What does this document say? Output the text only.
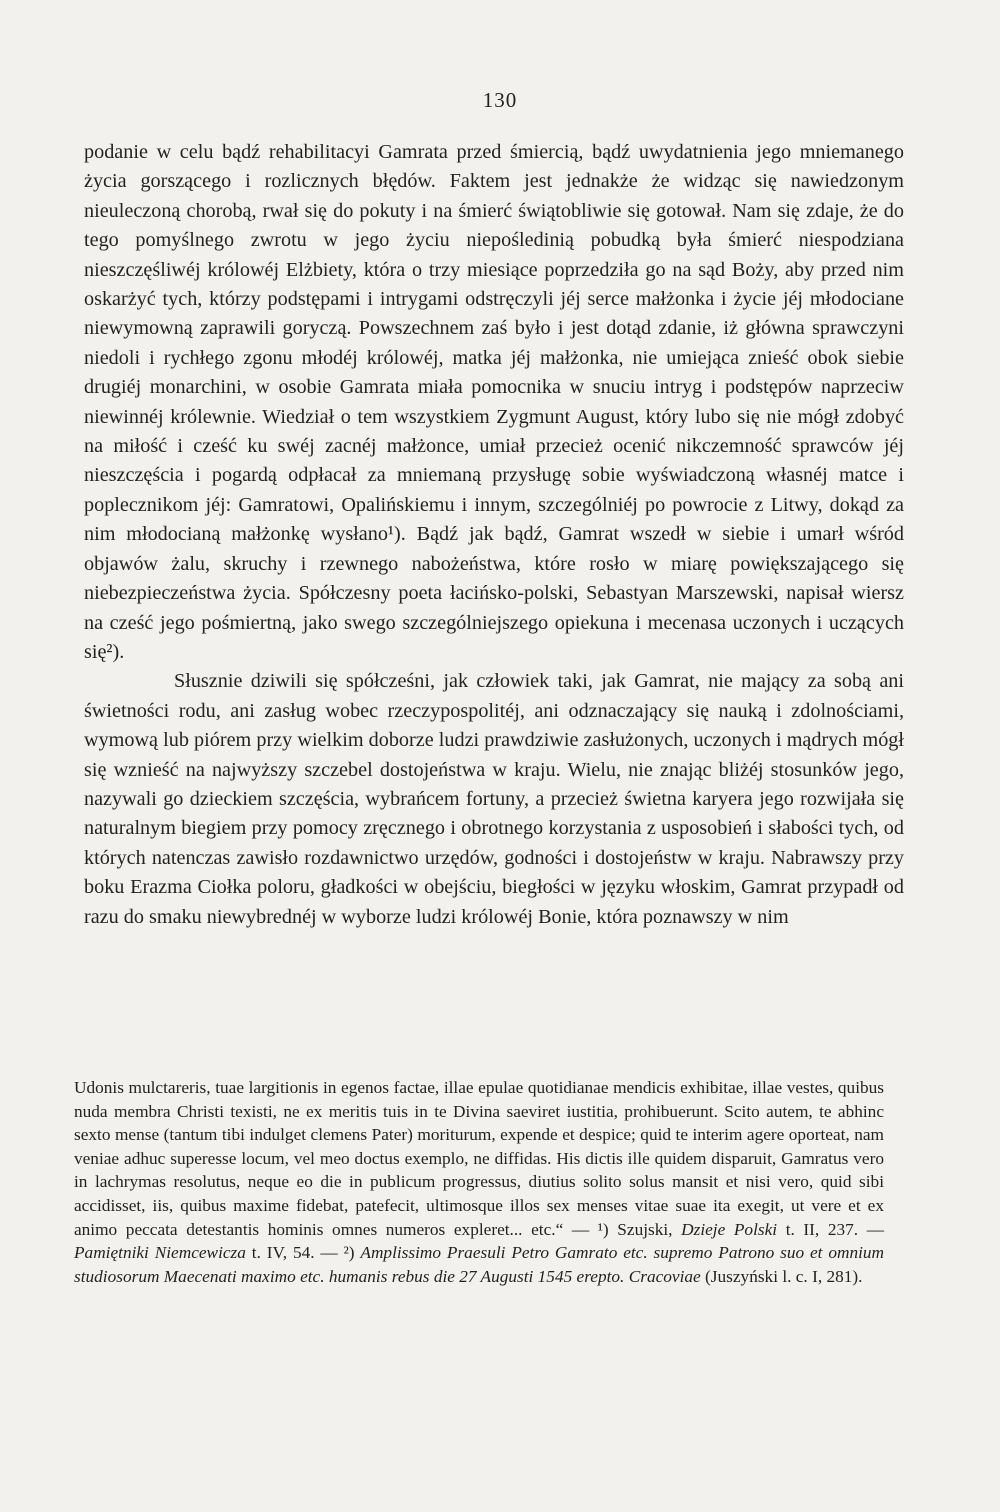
130

podanie w celu bądź rehabilitacyi Gamrata przed śmiercią, bądź uwydatnienia jego mniemanego życia gorszącego i rozlicznych błędów. Faktem jest jednakże że widząc się nawiedzonym nieuleczoną chorobą, rwał się do pokuty i na śmierć świątobliwie się gotował. Nam się zdaje, że do tego pomyślnego zwrotu w jego życiu niepośledinią pobudką była śmierć niespodziana nieszczęśliwéj królowéj Elżbiety, która o trzy miesiące poprzedziła go na sąd Boży, aby przed nim oskarżyć tych, którzy podstępami i intrygami odstręczyli jéj serce małżonka i życie jéj młodociane niewymowną zaprawili goryczą. Powszechnem zaś było i jest dotąd zdanie, iż główna sprawczyni niedoli i rychłego zgonu młodéj królowéj, matka jéj małżonka, nie umiejąca znieść obok siebie drugiéj monarchini, w osobie Gamrata miała pomocnika w snuciu intryg i podstępów naprzeciw niewinnéj królewnie. Wiedział o tem wszystkiem Zygmunt August, który lubo się nie mógł zdobyć na miłość i cześć ku swéj zacnéj małżonce, umiał przecież ocenić nikczemność sprawców jéj nieszczęścia i pogardą odpłacał za mniemaną przysługę sobie wyświadczoną własnéj matce i poplecznikom jéj: Gamratowi, Opalińskiemu i innym, szczególniéj po powrocie z Litwy, dokąd za nim młodocianą małżonkę wysłano¹). Bądź jak bądź, Gamrat wszedł w siebie i umarł wśród objawów żalu, skruchy i rzewnego nabożeństwa, które rosło w miarę powiększającego się niebezpieczeństwa życia. Spółczesny poeta łacińsko-polski, Sebastyan Marszewski, napisał wiersz na cześć jego pośmiertną, jako swego szczególniejszego opiekuna i mecenasa uczonych i uczących się²).

Słusznie dziwili się spółcześni, jak człowiek taki, jak Gamrat, nie mający za sobą ani świetności rodu, ani zasług wobec rzeczypospolitéj, ani odznaczający się nauką i zdolnościami, wymową lub piórem przy wielkim doborze ludzi prawdziwie zasłużonych, uczonych i mądrych mógł się wznieść na najwyższy szczebel dostojeństwa w kraju. Wielu, nie znając bliżéj stosunków jego, nazywali go dzieckiem szczęścia, wybrańcem fortuny, a przecież świetna karyera jego rozwijała się naturalnym biegiem przy pomocy zręcznego i obrotnego korzystania z usposobień i słabości tych, od których natenczas zawisło rozdawnictwo urzędów, godności i dostojeństw w kraju. Nabrawszy przy boku Erazma Ciołka poloru, gładkości w obejściu, biegłości w języku włoskim, Gamrat przypadł od razu do smaku niewybrednéj w wyborze ludzi królowéj Bonie, która poznawszy w nim

Udonis mulctareris, tuae largitionis in egenos factae, illae epulae quotidianae mendicis exhibitae, illae vestes, quibus nuda membra Christi texisti, ne ex meritis tuis in te Divina saeviret iustitia, prohibuerunt. Scito autem, te abhinc sexto mense (tantum tibi indulget clemens Pater) moriturum, expende et despice; quid te interim agere oporteat, nam veniae adhuc superesse locum, vel meo doctus exemplo, ne diffidas. His dictis ille quidem disparuit, Gamratus vero in lachrymas resolutus, neque eo die in publicum progressus, diutius solito solus mansit et nisi vero, quid sibi accidisset, iis, quibus maxime fidebat, patefecit, ultimosque illos sex menses vitae suae ita exegit, ut vere et ex animo peccata detestantis hominis omnes numeros expleret... etc.“ — ¹) Szujski, Dzieje Polski t. II, 237. — Pamiętniki Niemcewicza t. IV, 54. — ²) Amplissimo Praesuli Petro Gamrato etc. supremo Patrono suo et omnium studiosorum Maecenati maximo etc. humanis rebus die 27 Augusti 1545 erepto. Cracoviae (Juszyński l. c. I, 281).
